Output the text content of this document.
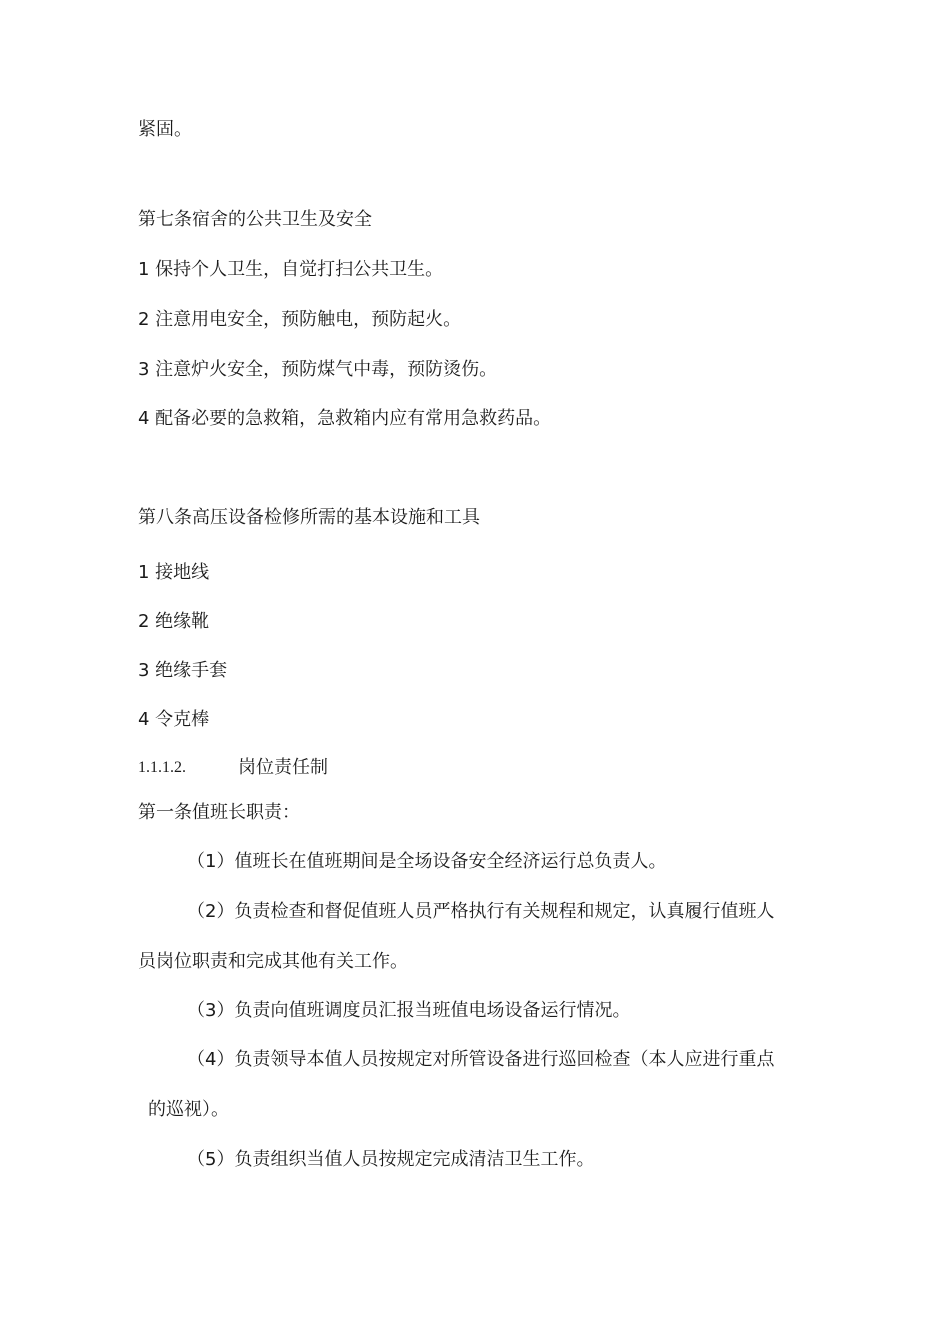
紧固。
第七条宿舍的公共卫生及安全
1 保持个人卫生，自觉打扫公共卫生。
2 注意用电安全，预防触电，预防起火。
3 注意炉火安全，预防煤气中毒，预防烫伤。
4 配备必要的急救箱，急救箱内应有常用急救药品。
第八条高压设备检修所需的基本设施和工具
1 接地线
2 绝缘靴
3 绝缘手套
4 令克棒
1.1.1.2.	岗位责任制
第一条值班长职责：
（1）值班长在值班期间是全场设备安全经济运行总负责人。
（2）负责检查和督促值班人员严格执行有关规程和规定，认真履行值班人
员岗位职责和完成其他有关工作。
（3）负责向值班调度员汇报当班值电场设备运行情况。
（4）负责领导本值人员按规定对所管设备进行巡回检查（本人应进行重点
的巡视）。
（5）负责组织当值人员按规定完成清洁卫生工作。
